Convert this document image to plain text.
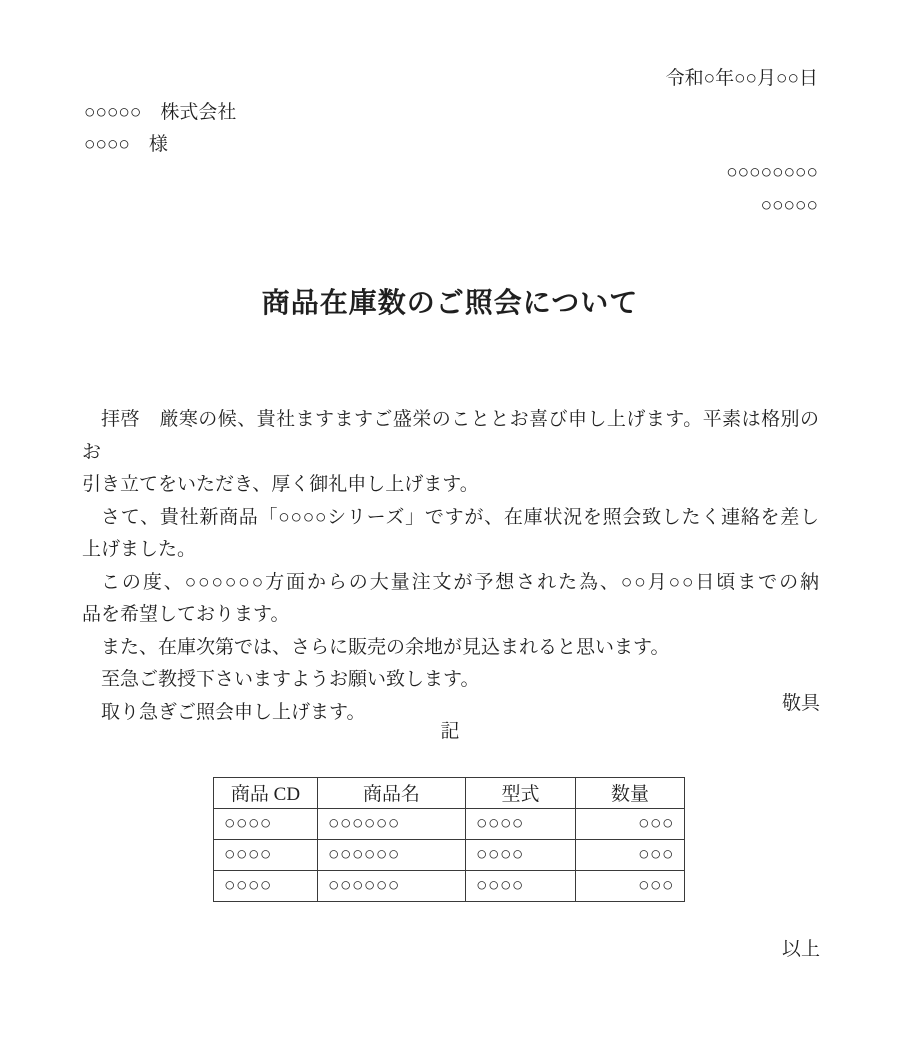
令和○年○○月○○日
○○○○○　株式会社
○○○○　様
○○○○○○○○
○○○○○
商品在庫数のご照会について
拝啓　厳寒の候、貴社ますますご盛栄のこととお喜び申し上げます。平素は格別のお
引き立てをいただき、厚く御礼申し上げます。
さて、貴社新商品「○○○○シリーズ」ですが、在庫状況を照会致したく連絡を差し
上げました。
この度、○○○○○○方面からの大量注文が予想された為、○○月○○日頃までの納
品を希望しております。
また、在庫次第では、さらに販売の余地が見込まれると思います。
至急ご教授下さいますようお願い致します。
取り急ぎご照会申し上げます。	敬具
記
商品 CD	商品名	型式	数量
○○○○	○○○○○○	○○○○	○○○
○○○○	○○○○○○	○○○○	○○○
○○○○	○○○○○○	○○○○	○○○
以上
